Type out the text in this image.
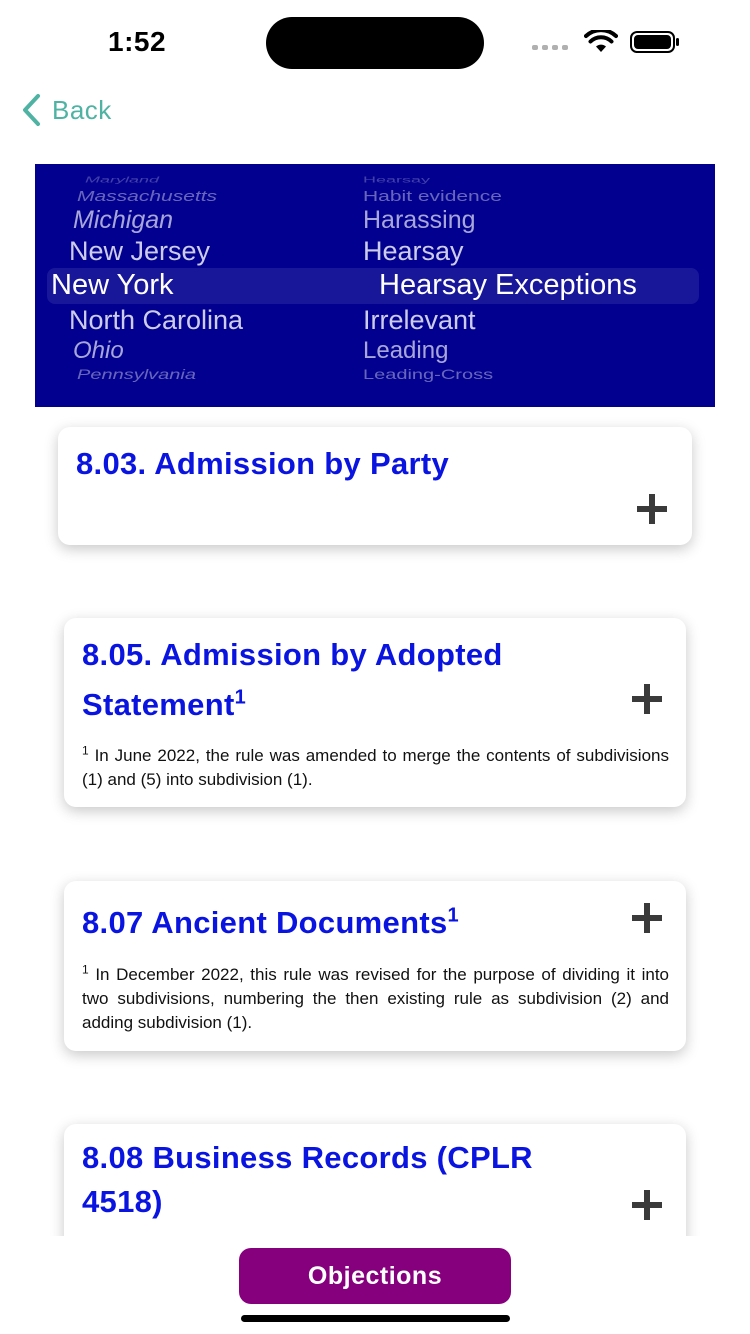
1:52
Back
Maryland
Massachusetts
Michigan
New Jersey
New York
North Carolina
Ohio
Pennsylvania
Hearsay
Habit evidence
Harassing
Hearsay
Hearsay Exceptions
Irrelevant
Leading
Leading-Cross
8.03. Admission by Party
8.05. Admission by Adopted
Statement$^1$
$^1$ In June 2022, the rule was amended to merge the contents of subdivisions (1) and (5) into subdivision (1).
8.07 Ancient Documents$^1$
$^1$ In December 2022, this rule was revised for the purpose of dividing it into two subdivisions, numbering the then existing rule as subdivision (2) and adding subdivision (1).
8.08 Business Records (CPLR
4518)
Objections
